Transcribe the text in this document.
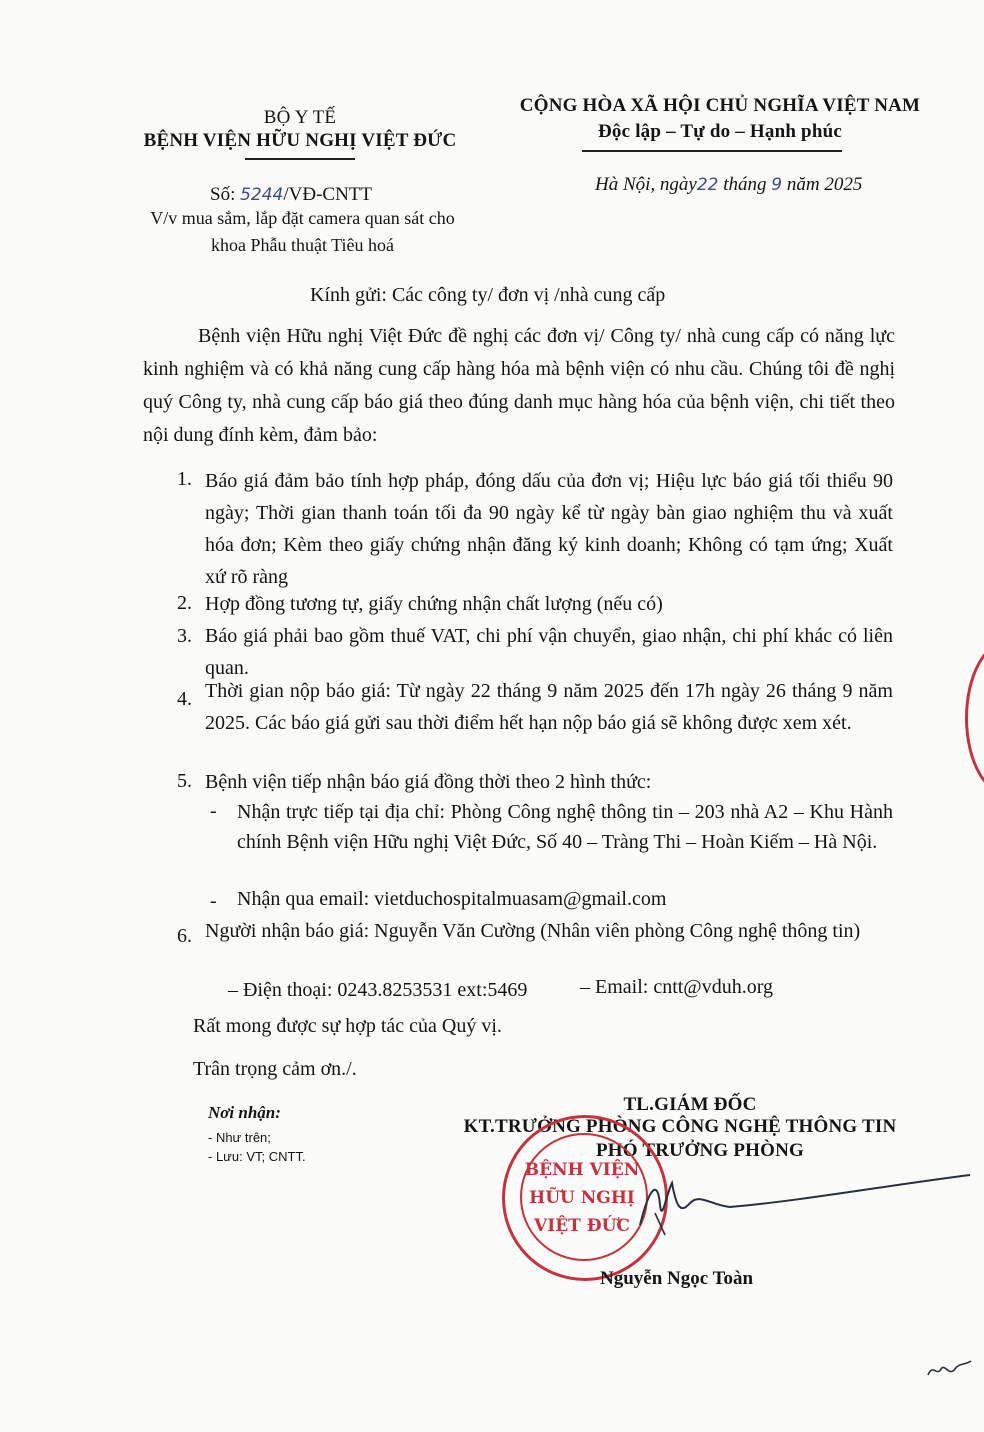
BỘ Y TẾ
BỆNH VIỆN HỮU NGHỊ VIỆT ĐỨC
CỘNG HÒA XÃ HỘI CHỦ NGHĨA VIỆT NAM
Độc lập – Tự do – Hạnh phúc
Số: 5244/VĐ-CNTT
V/v mua sắm, lắp đặt camera quan sát cho
khoa Phẫu thuật Tiêu hoá
Hà Nội, ngày22 tháng 9 năm 2025
Kính gửi: Các công ty/ đơn vị /nhà cung cấp
Bệnh viện Hữu nghị Việt Đức đề nghị các đơn vị/ Công ty/ nhà cung cấp có năng lực kinh nghiệm và có khả năng cung cấp hàng hóa mà bệnh viện có nhu cầu. Chúng tôi đề nghị quý Công ty, nhà cung cấp báo giá theo đúng danh mục hàng hóa của bệnh viện, chi tiết theo nội dung đính kèm, đảm bảo:
1. Báo giá đảm bảo tính hợp pháp, đóng dấu của đơn vị; Hiệu lực báo giá tối thiểu 90 ngày; Thời gian thanh toán tối đa 90 ngày kể từ ngày bàn giao nghiệm thu và xuất hóa đơn; Kèm theo giấy chứng nhận đăng ký kinh doanh; Không có tạm ứng; Xuất xứ rõ ràng
2. Hợp đồng tương tự, giấy chứng nhận chất lượng (nếu có)
3. Báo giá phải bao gồm thuế VAT, chi phí vận chuyển, giao nhận, chi phí khác có liên quan.
4. Thời gian nộp báo giá: Từ ngày 22 tháng 9 năm 2025 đến 17h ngày 26 tháng 9 năm 2025. Các báo giá gửi sau thời điểm hết hạn nộp báo giá sẽ không được xem xét.
5. Bệnh viện tiếp nhận báo giá đồng thời theo 2 hình thức:
- Nhận trực tiếp tại địa chỉ: Phòng Công nghệ thông tin – 203 nhà A2 – Khu Hành chính Bệnh viện Hữu nghị Việt Đức, Số 40 – Tràng Thi – Hoàn Kiếm – Hà Nội.
- Nhận qua email: vietduchospitalmuasam@gmail.com
6. Người nhận báo giá: Nguyễn Văn Cường (Nhân viên phòng Công nghệ thông tin)
– Điện thoại: 0243.8253531 ext:5469	– Email: cntt@vduh.org
Rất mong được sự hợp tác của Quý vị.
Trân trọng cảm ơn./.
Nơi nhận:
- Như trên;
- Lưu: VT; CNTT.
TL.GIÁM ĐỐC
KT.TRƯỞNG PHÒNG CÔNG NGHỆ THÔNG TIN
PHÓ TRƯỞNG PHÒNG
BỆNH VIỆN
HỮU NGHỊ
VIỆT ĐỨC
Nguyễn Ngọc Toàn
